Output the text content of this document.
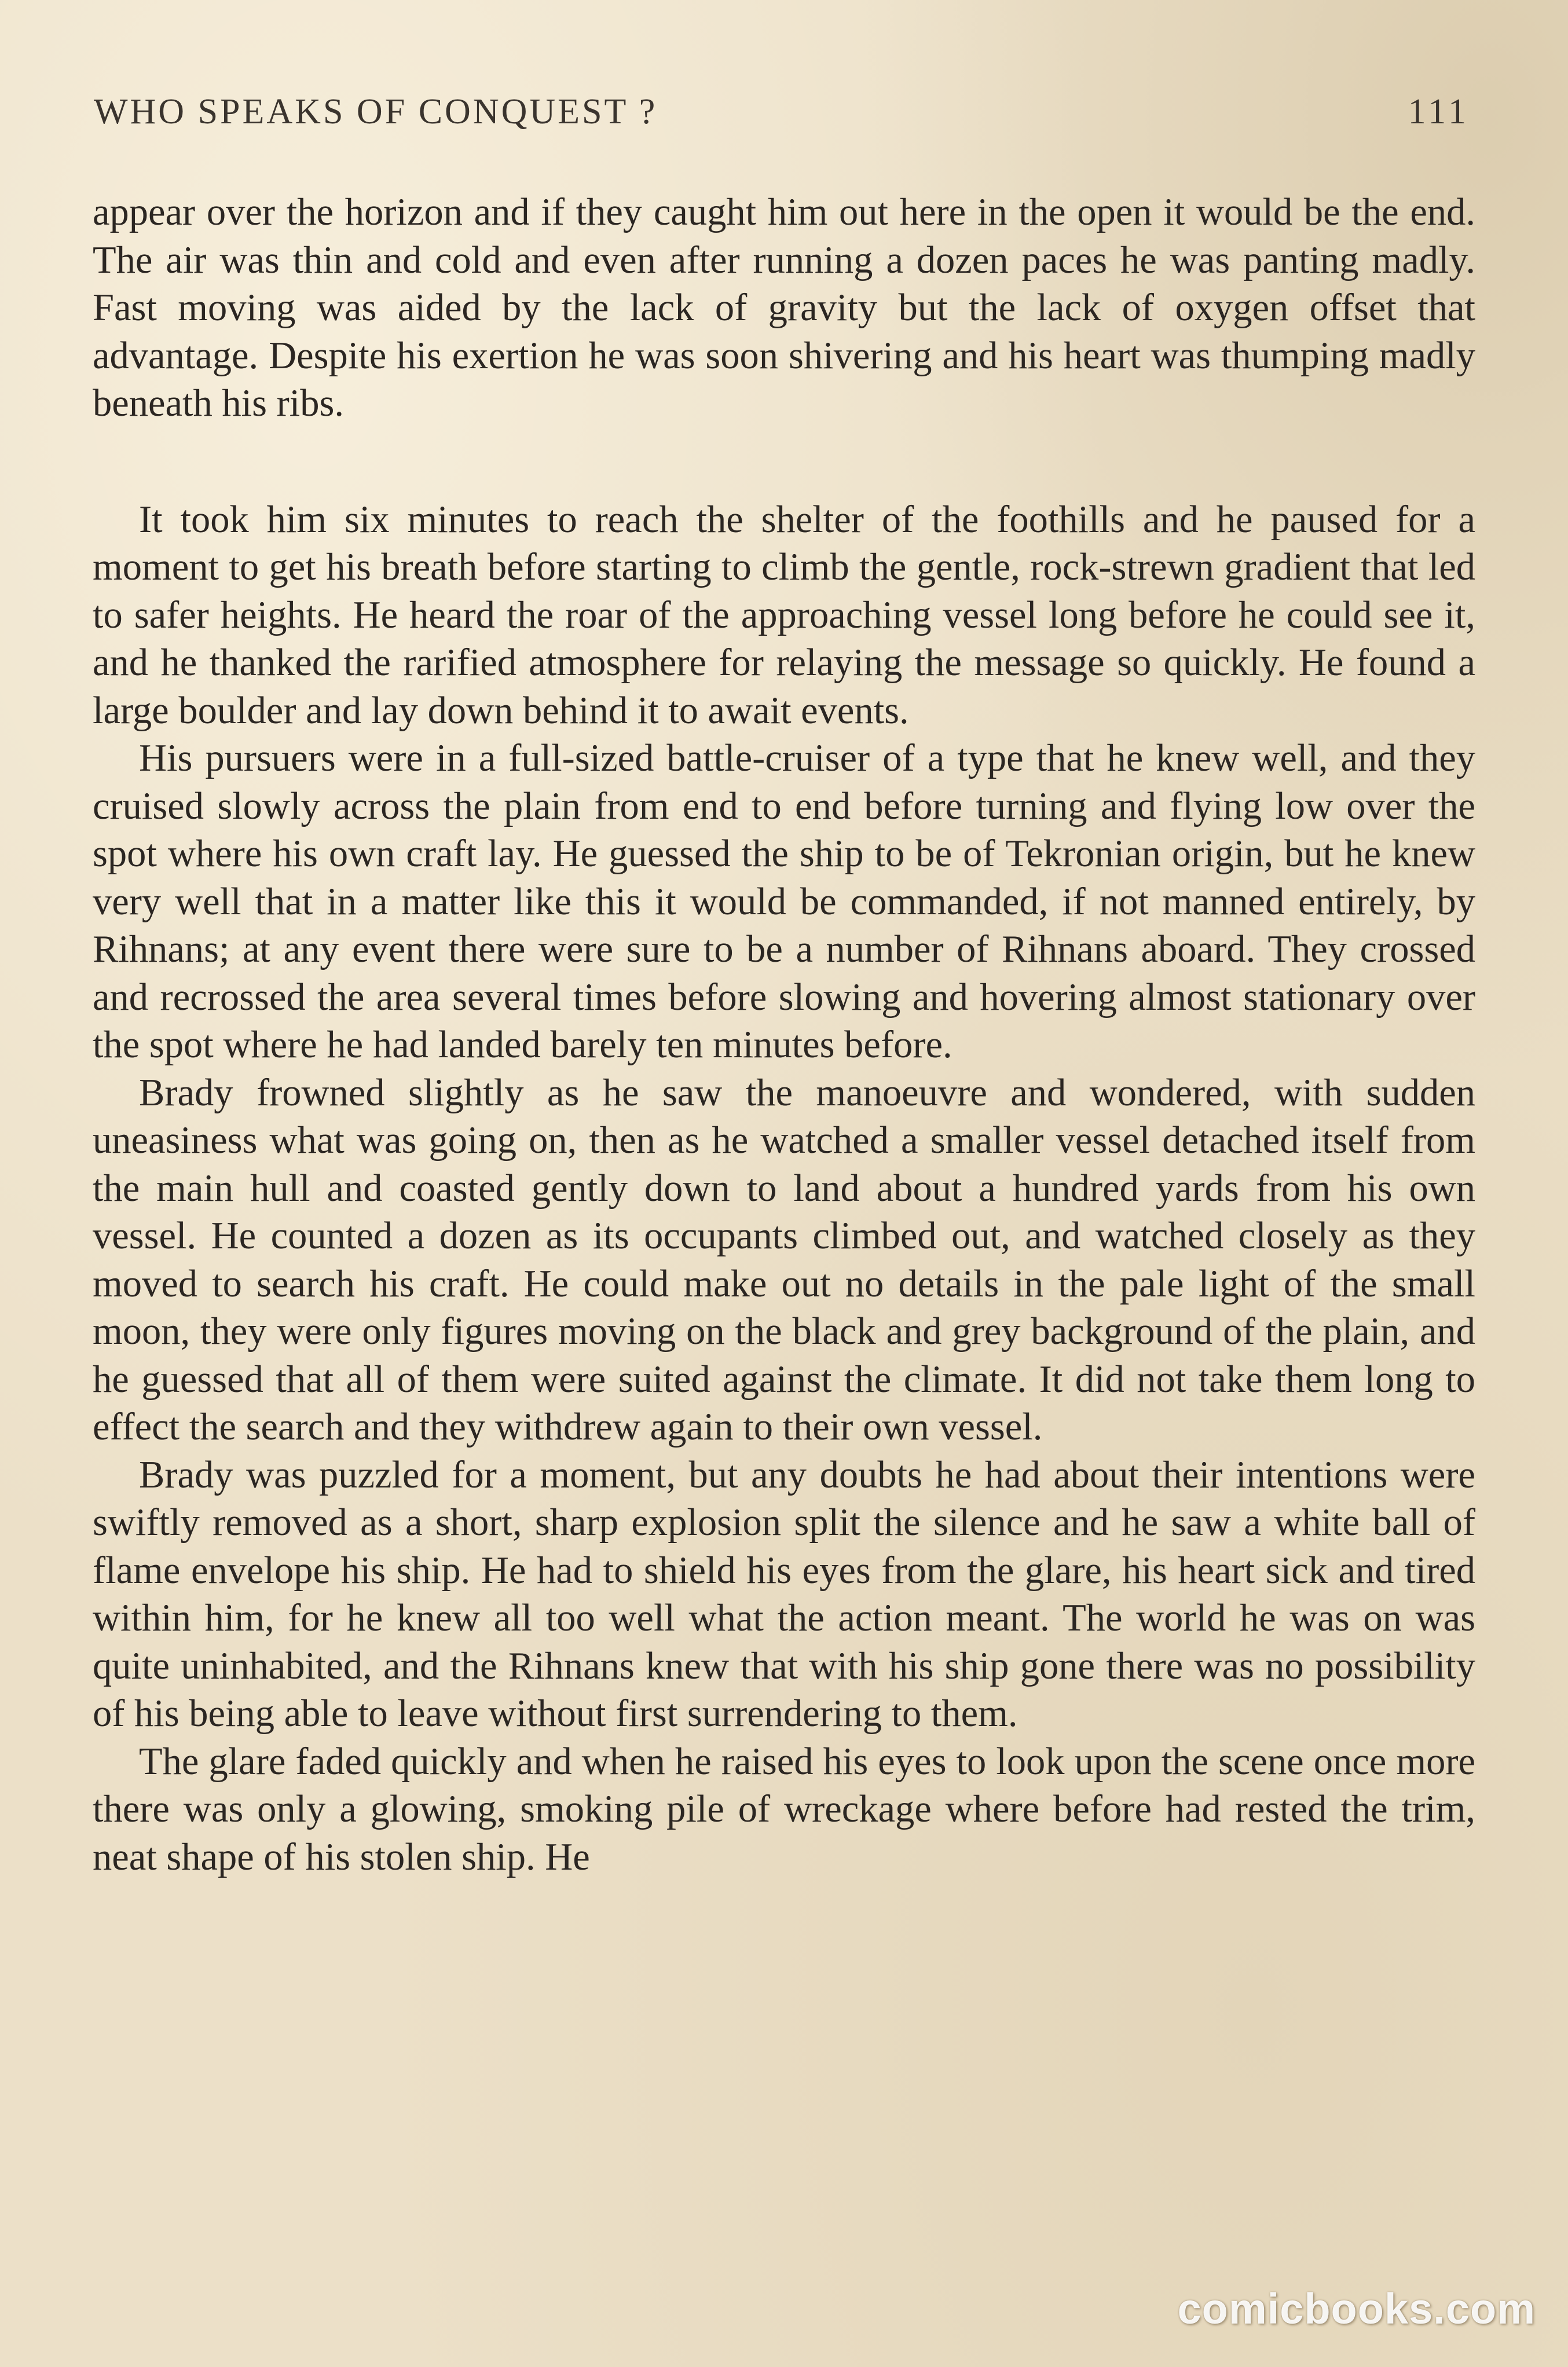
WHO SPEAKS OF CONQUEST ?	111

appear over the horizon and if they caught him out here in the open it would be the end. The air was thin and cold and even after running a dozen paces he was panting madly. Fast moving was aided by the lack of gravity but the lack of oxygen offset that advantage. Despite his exertion he was soon shivering and his heart was thumping madly beneath his ribs.

It took him six minutes to reach the shelter of the foothills and he paused for a moment to get his breath before starting to climb the gentle, rock-strewn gradient that led to safer heights. He heard the roar of the approaching vessel long before he could see it, and he thanked the rarified atmosphere for relaying the message so quickly. He found a large boulder and lay down behind it to await events.

His pursuers were in a full-sized battle-cruiser of a type that he knew well, and they cruised slowly across the plain from end to end before turning and flying low over the spot where his own craft lay. He guessed the ship to be of Tekronian origin, but he knew very well that in a matter like this it would be commanded, if not manned entirely, by Rihnans; at any event there were sure to be a number of Rihnans aboard. They crossed and recrossed the area several times before slowing and hovering almost stationary over the spot where he had landed barely ten minutes before.

Brady frowned slightly as he saw the manoeuvre and wondered, with sudden uneasiness what was going on, then as he watched a smaller vessel detached itself from the main hull and coasted gently down to land about a hundred yards from his own vessel. He counted a dozen as its occupants climbed out, and watched closely as they moved to search his craft. He could make out no details in the pale light of the small moon, they were only figures moving on the black and grey background of the plain, and he guessed that all of them were suited against the climate. It did not take them long to effect the search and they withdrew again to their own vessel.

Brady was puzzled for a moment, but any doubts he had about their intentions were swiftly removed as a short, sharp explosion split the silence and he saw a white ball of flame envelope his ship. He had to shield his eyes from the glare, his heart sick and tired within him, for he knew all too well what the action meant. The world he was on was quite uninhabited, and the Rihnans knew that with his ship gone there was no possibility of his being able to leave without first surrendering to them.

The glare faded quickly and when he raised his eyes to look upon the scene once more there was only a glowing, smoking pile of wreckage where before had rested the trim, neat shape of his stolen ship. He

comicbooks.com
